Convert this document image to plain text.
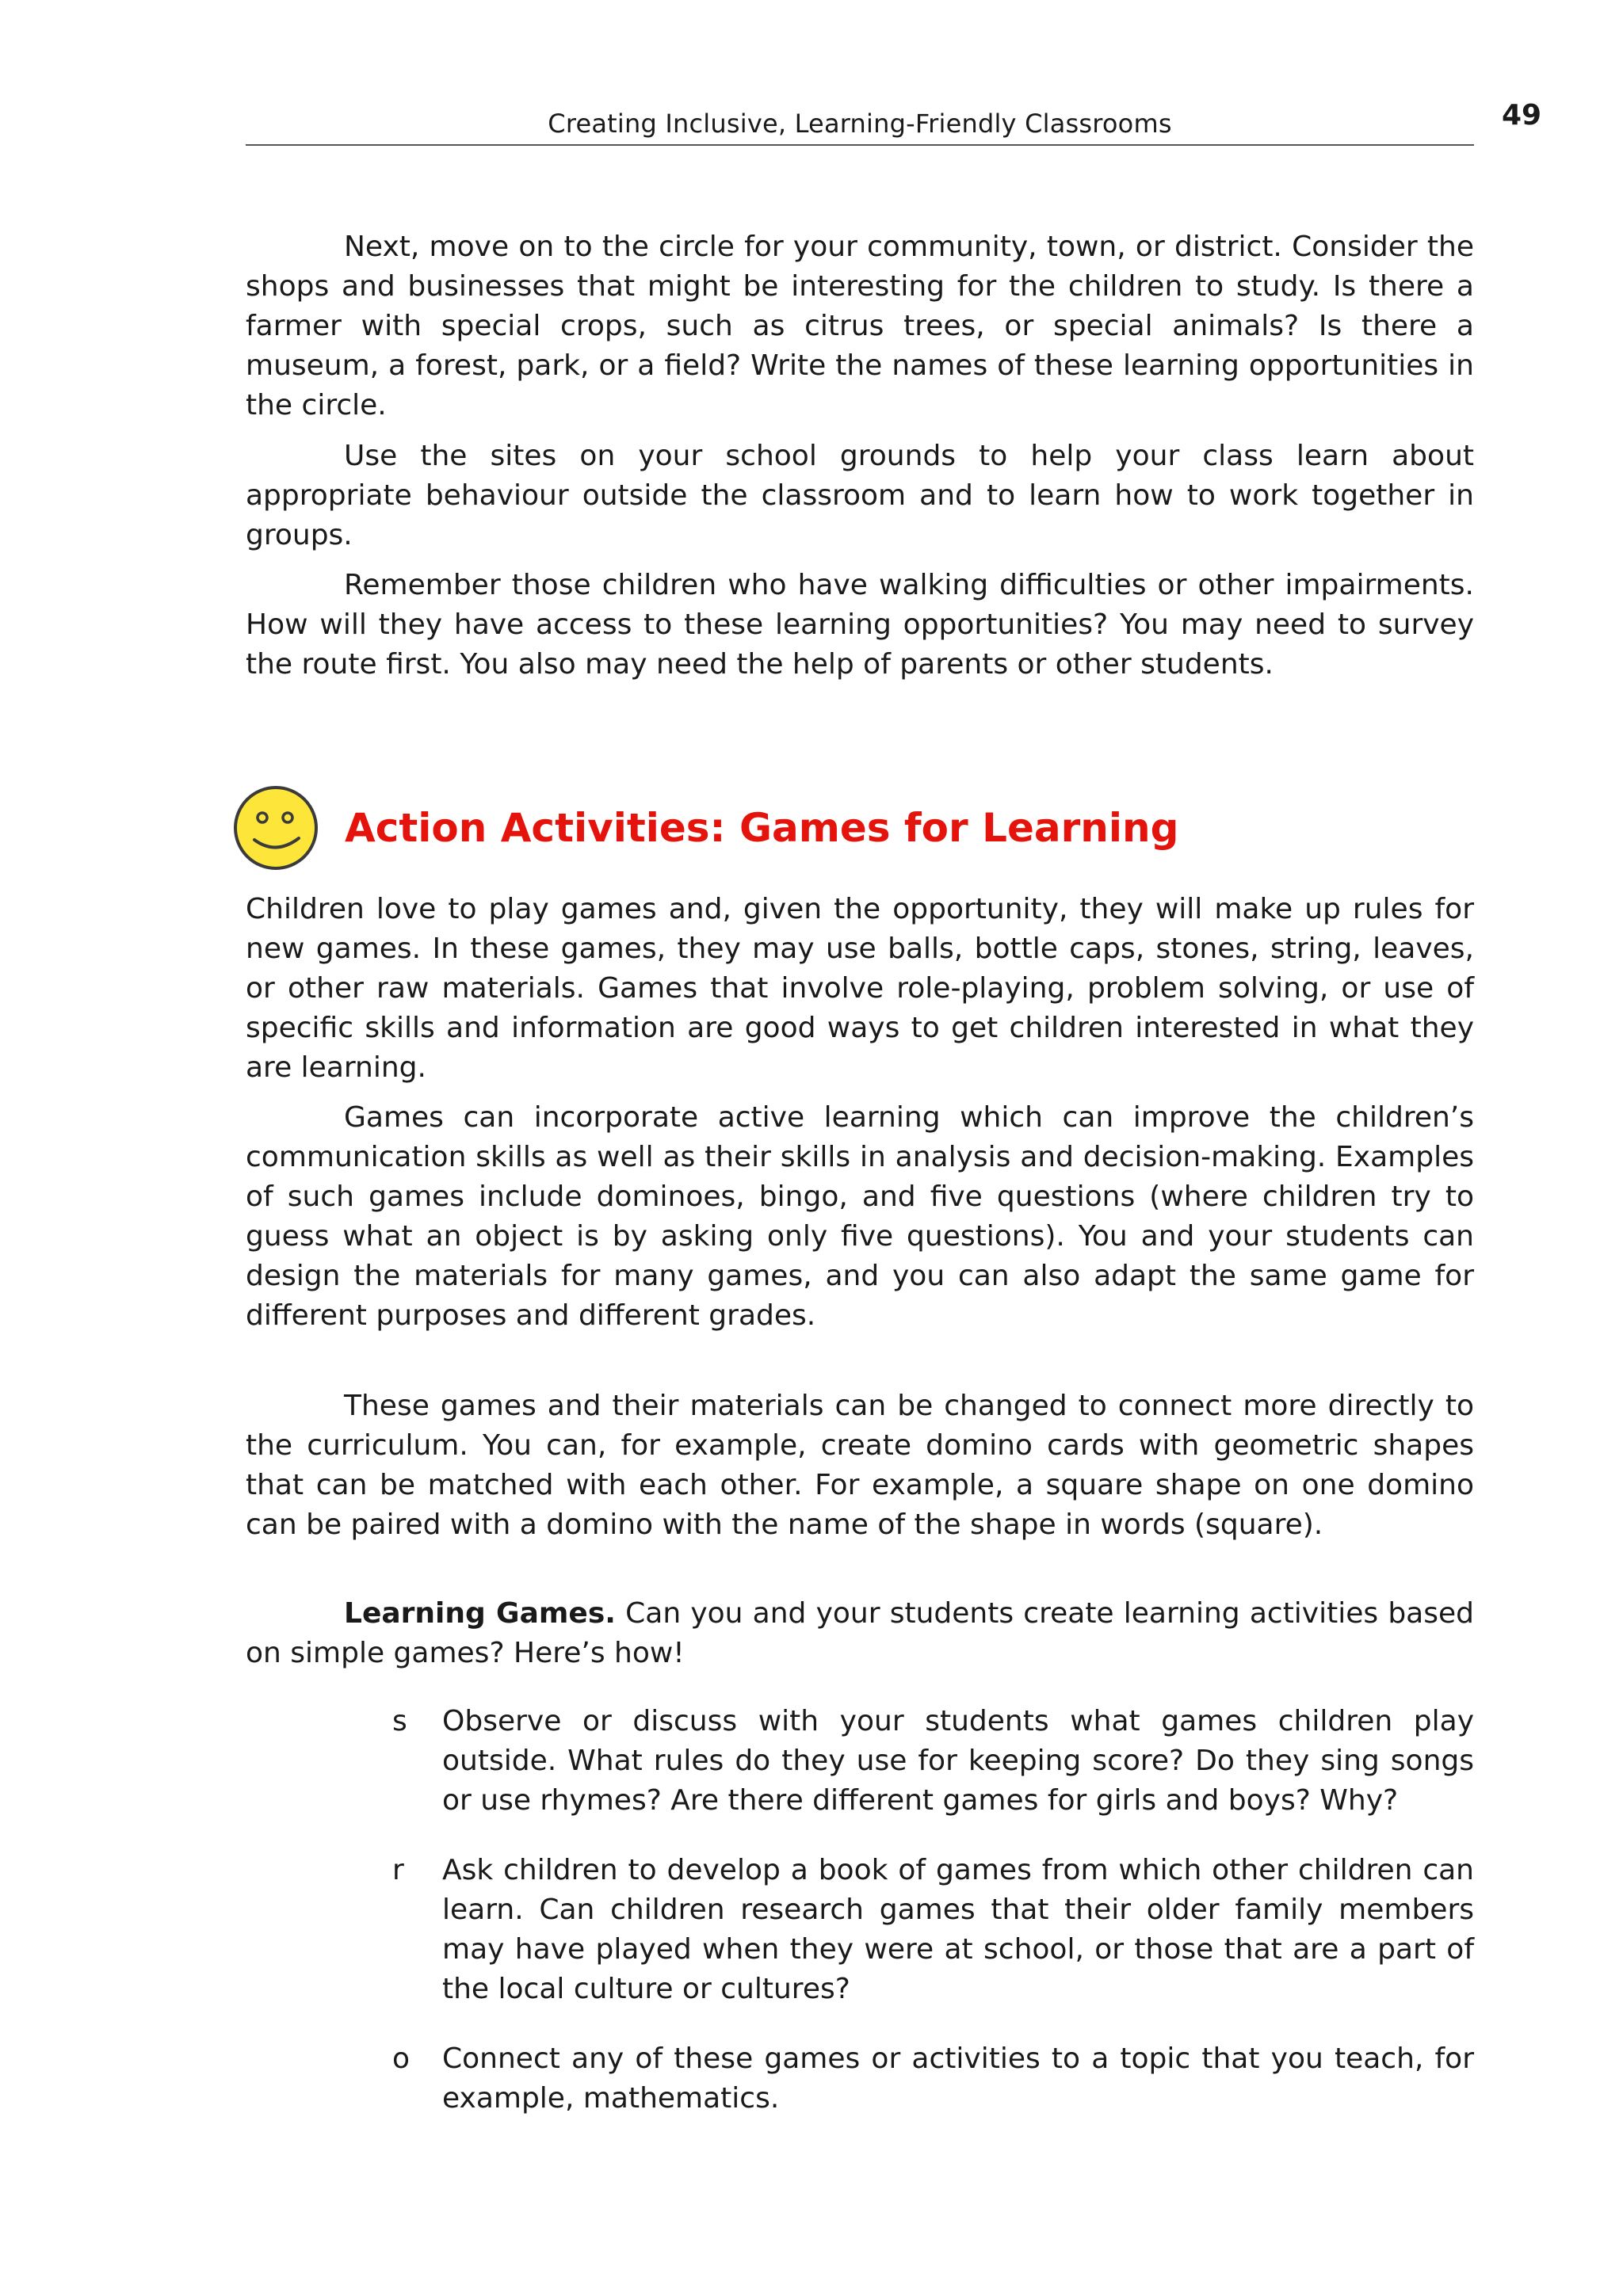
Creating Inclusive, Learning-Friendly Classrooms	49

Next, move on to the circle for your community, town, or district. Consider the shops and businesses that might be interesting for the children to study. Is there a farmer with special crops, such as citrus trees, or special animals? Is there a museum, a forest, park, or a field? Write the names of these learning opportunities in the circle.

Use the sites on your school grounds to help your class learn about appropriate behaviour outside the classroom and to learn how to work together in groups.

Remember those children who have walking difficulties or other impairments. How will they have access to these learning opportunities? You may need to survey the route first. You also may need the help of parents or other students.

Action Activities: Games for Learning

Children love to play games and, given the opportunity, they will make up rules for new games. In these games, they may use balls, bottle caps, stones, string, leaves, or other raw materials. Games that involve role-playing, problem solving, or use of specific skills and information are good ways to get children interested in what they are learning.

Games can incorporate active learning which can improve the children’s communication skills as well as their skills in analysis and decision-making. Examples of such games include dominoes, bingo, and five questions (where children try to guess what an object is by asking only five questions). You and your students can design the materials for many games, and you can also adapt the same game for different purposes and different grades.

These games and their materials can be changed to connect more directly to the curriculum. You can, for example, create domino cards with geometric shapes that can be matched with each other. For example, a square shape on one domino can be paired with a domino with the name of the shape in words (square).

Learning Games. Can you and your students create learning activities based on simple games? Here’s how!

s	Observe or discuss with your students what games children play outside. What rules do they use for keeping score? Do they sing songs or use rhymes? Are there different games for girls and boys? Why?
r	Ask children to develop a book of games from which other children can learn. Can children research games that their older family members may have played when they were at school, or those that are a part of the local culture or cultures?
o	Connect any of these games or activities to a topic that you teach, for example, mathematics.
